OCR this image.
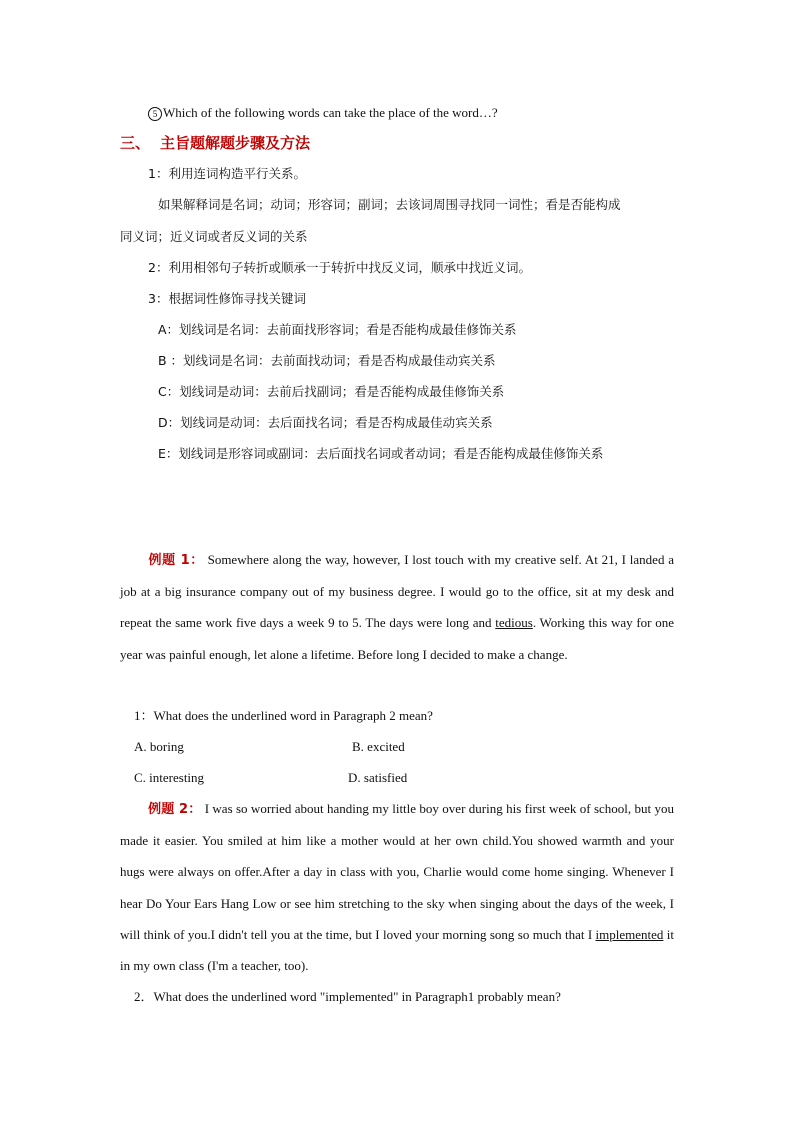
5 Which of the following words can take the place of the word…?
三、 主旨题解题步骤及方法
1：利用连词构造平行关系。
如果解释词是名词；动词；形容词；副词；去该词周围寻找同一词性；看是否能构成
同义词；近义词或者反义词的关系
2：利用相邻句子转折或顺承一于转折中找反义词，顺承中找近义词。
3：根据词性修饰寻找关键词
A：划线词是名词：去前面找形容词；看是否能构成最佳修饰关系
B ：划线词是名词：去前面找动词；看是否构成最佳动宾关系
C：划线词是动词：去前后找副词；看是否能构成最佳修饰关系
D：划线词是动词：去后面找名词；看是否构成最佳动宾关系
E：划线词是形容词或副词：去后面找名词或者动词；看是否能构成最佳修饰关系
例题 1： Somewhere along the way, however, I lost touch with my creative self. At 21, I landed a job at a big insurance company out of my business degree. I would go to the office, sit at my desk and repeat the same work five days a week 9 to 5. The days were long and tedious. Working this way for one year was painful enough, let alone a lifetime. Before long I decided to make a change.
1：What does the underlined word in Paragraph 2 mean?
A. boring	B. excited
C. interesting	D. satisfied
例题 2： I was so worried about handing my little boy over during his first week of school, but you made it easier. You smiled at him like a mother would at her own child.You showed warmth and your hugs were always on offer.After a day in class with you, Charlie would come home singing. Whenever I hear Do Your Ears Hang Low or see him stretching to the sky when singing about the days of the week, I will think of you.I didn't tell you at the time, but I loved your morning song so much that I implemented it in my own class (I'm a teacher, too).
2．What does the underlined word "implemented" in Paragraph1 probably mean?
